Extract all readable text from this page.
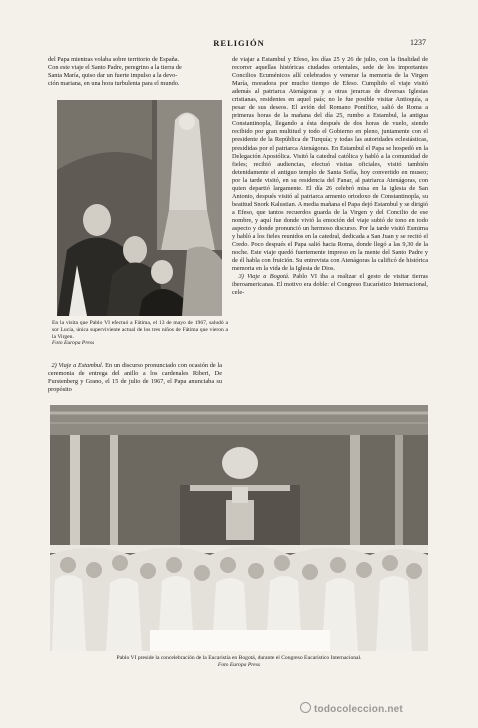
RELIGIÓN	1237

del Papa mientras volaba sobre territorio de España.

Con este viaje el Santo Padre, peregrino a la tierra de

Santa María, quiso dar un fuerte impulso a la devo-

ción mariana, en una hora turbulenta para el mundo.

En la visita que Pablo VI efectuó a Fátima, el 13 de mayo de 1967, saludó a sor Lucía, única superviviente actual de los tres niños de Fátima que vieron a la Virgen.
Foto Europa Press

2) Viaje a Estambul. En un discurso pronunciado con ocasión de la ceremonia de entrega del anillo a los cardenales Riberi, De Furstenberg y Grano, el 15 de julio de 1967, el Papa anunciaba su propósito

de viajar a Estambul y Efeso, los días 25 y 26 de julio, con la finalidad de recorrer aquellas históricas ciudades orientales, sede de los importantes Concilios Ecuménicos allí celebrados y venerar la memoria de la Virgen María, moradora por mucho tiempo de Efeso. Cumplido el viaje visitó además al patriarca Atenágoras y a otras jerarcas de diversas Iglesias cristianas, residentes en aquel país; no le fue posible visitar Antioquía, a pesar de sus deseos. El avión del Romano Pontífice, salió de Roma a primeras horas de la mañana del día 25, rumbo a Estambul, la antigua Constantinopla, llegando a ésta después de dos horas de vuelo, siendo recibido por gran multitud y todo el Gobierno en pleno, juntamente con el presidente de la República de Turquía; y todas las autoridades eclesiásticas, presididas por el patriarca Atenágoras. En Estambul el Papa se hospedó en la Delegación Apostólica. Visitó la catedral católica y habló a la comunidad de fieles; recibió audiencias, efectuó visitas oficiales, visitó también detenidamente el antiguo templo de Santa Sofía, hoy convertido en museo; por la tarde visitó, en su residencia del Fanar, al patriarca Atenágoras, con quien departió largamente. El día 26 celebró misa en la iglesia de San Antonio, después visitó al patriarca armenio ortodoxo de Constantinopla, su beatitud Snork Kalustian. A media mañana el Papa dejó Estambul y se dirigió a Efeso, que tantos recuerdos guarda de la Virgen y del Concilio de ese nombre, y aquí fue donde vivió la emoción del viaje subió de tono en todo aspecto y donde pronunció un hermoso discurso. Por la tarde visitó Esmirna y habló a los fieles reunidos en la catedral, dedicada a San Juan y se recitó el Credo. Poco después el Papa salió hacia Roma, donde llegó a las 9,30 de la noche. Este viaje quedó fuertemente impreso en la mente del Santo Padre y de él habla con fruición. Su entrevista con Atenágoras la calificó de histórica memoria en la vida de la Iglesia de Dios.

3) Viaje a Bogotá. Pablo VI iba a realizar el gesto de visitar tierras iberoamericanas. El motivo era doble: el Congreso Eucarístico Internacional, cele-

Pablo VI preside la concelebración de la Eucaristía en Bogotá, durante el Congreso Eucarístico Internacional.
Foto Europa Press
todocoleccion.net
